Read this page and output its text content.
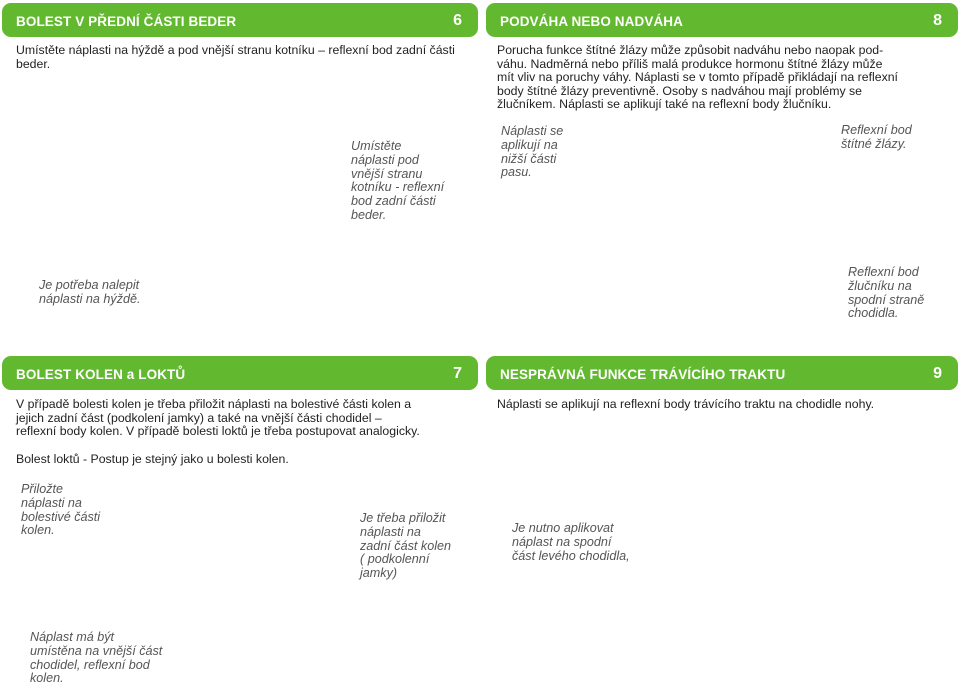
BOLEST V PŘEDNÍ ČÁSTI BEDER	6
Umístěte náplasti na hýždě a pod vnější stranu kotníku – reflexní bod zadní části beder.
PODVÁHA NEBO NADVÁHA	8
Porucha funkce štítné žlázy může způsobit nadváhu nebo naopak pod-
váhu. Nadměrná nebo příliš malá produkce hormonu štítné žlázy může
mít vliv na poruchy váhy. Náplasti se v tomto případě přikládají na reflexní
body štítné žlázy preventivně. Osoby s nadváhou mají problémy se
žlučníkem. Náplasti se aplikují také na reflexní body žlučníku.
Umístěte
náplasti pod
vnější stranu
kotníku - reflexní
bod zadní části
beder.
Je potřeba nalepit
náplasti na hýždě.
Náplasti se
aplikují na
nižší části
pasu.
Reflexní bod
štítné žlázy.
Reflexní bod
žlučníku na
spodní straně
chodidla.
BOLEST KOLEN a LOKTŮ	7
V případě bolesti kolen je třeba přiložit náplasti na bolestivé části kolen a
jejich zadní část (podkolení jamky) a také na vnější části chodidel –
reflexní body kolen. V případě bolesti loktů je třeba postupovat analogicky.
Bolest loktů - Postup je stejný jako u bolesti kolen.
NESPRÁVNÁ FUNKCE TRÁVÍCÍHO TRAKTU	9
Náplasti se aplikují na reflexní body trávícího traktu na chodidle nohy.
Přiložte
náplasti na
bolestivé části
kolen.
Je třeba přiložit
náplasti na
zadní část kolen
( podkolenní
jamky)
Náplast má být
umístěna na vnější část
chodidel, reflexní bod
kolen.
Je nutno aplikovat
náplast na spodní
část levého chodidla,
